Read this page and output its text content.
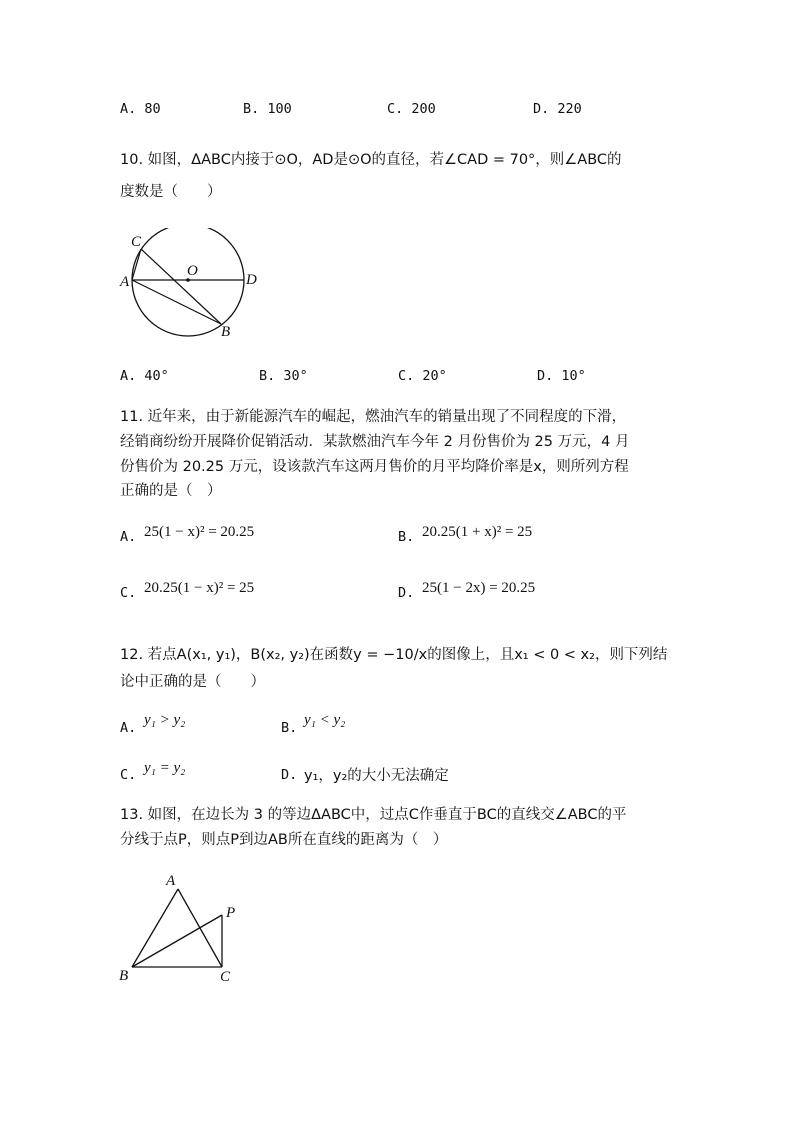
A. 80	B. 100	C. 200	D. 220
10. 如图，ΔABC内接于⊙O，AD是⊙O的直径，若∠CAD = 70°，则∠ABC的
度数是（　　）
C
A
O
D
B
A. 40°	B. 30°	C. 20°	D. 10°
11. 近年来，由于新能源汽车的崛起，燃油汽车的销量出现了不同程度的下滑，
经销商纷纷开展降价促销活动．某款燃油汽车今年 2 月份售价为 25 万元，4 月
份售价为 20.25 万元，设该款汽车这两月售价的月平均降价率是x，则所列方程
正确的是（　）
A. 25(1 − x)² = 20.25	B. 20.25(1 + x)² = 25
C. 20.25(1 − x)² = 25	D. 25(1 − 2x) = 20.25
12. 若点A(x₁, y₁)，B(x₂, y₂)在函数y = −10/x的图像上，且x₁ < 0 < x₂，则下列结
论中正确的是（　　）
A. y₁ > y₂	B. y₁ < y₂
C. y₁ = y₂	D. y₁，y₂的大小无法确定
13. 如图，在边长为 3 的等边ΔABC中，过点C作垂直于BC的直线交∠ABC的平
分线于点P，则点P到边AB所在直线的距离为（　）
A
P
B	C
